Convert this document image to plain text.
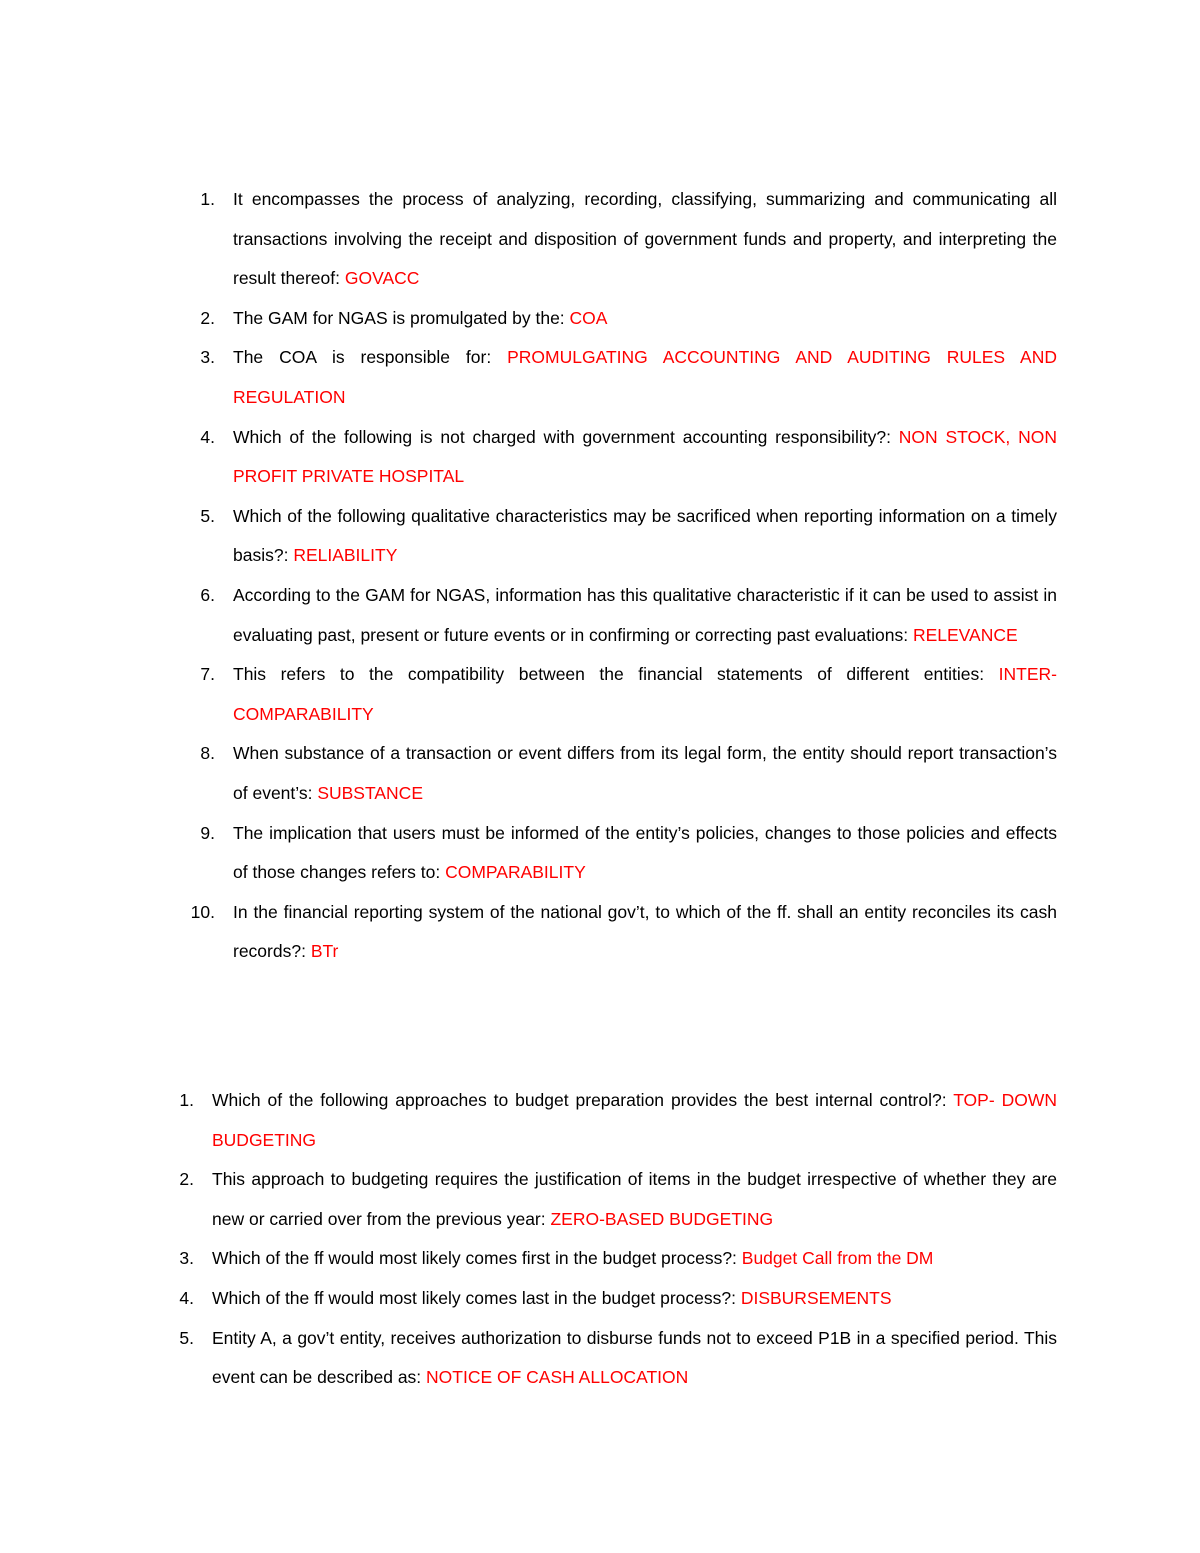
1. It encompasses the process of analyzing, recording, classifying, summarizing and communicating all transactions involving the receipt and disposition of government funds and property, and interpreting the result thereof: GOVACC
2. The GAM for NGAS is promulgated by the: COA
3. The COA is responsible for: PROMULGATING ACCOUNTING AND AUDITING RULES AND REGULATION
4. Which of the following is not charged with government accounting responsibility?: NON STOCK, NON PROFIT PRIVATE HOSPITAL
5. Which of the following qualitative characteristics may be sacrificed when reporting information on a timely basis?: RELIABILITY
6. According to the GAM for NGAS, information has this qualitative characteristic if it can be used to assist in evaluating past, present or future events or in confirming or correcting past evaluations: RELEVANCE
7. This refers to the compatibility between the financial statements of different entities: INTER-COMPARABILITY
8. When substance of a transaction or event differs from its legal form, the entity should report transaction’s of event’s: SUBSTANCE
9. The implication that users must be informed of the entity’s policies, changes to those policies and effects of those changes refers to: COMPARABILITY
10. In the financial reporting system of the national gov’t, to which of the ff. shall an entity reconciles its cash records?: BTr
1. Which of the following approaches to budget preparation provides the best internal control?: TOP- DOWN BUDGETING
2. This approach to budgeting requires the justification of items in the budget irrespective of whether they are new or carried over from the previous year: ZERO-BASED BUDGETING
3. Which of the ff would most likely comes first in the budget process?: Budget Call from the DM
4. Which of the ff would most likely comes last in the budget process?: DISBURSEMENTS
5. Entity A, a gov’t entity, receives authorization to disburse funds not to exceed P1B in a specified period. This event can be described as: NOTICE OF CASH ALLOCATION
